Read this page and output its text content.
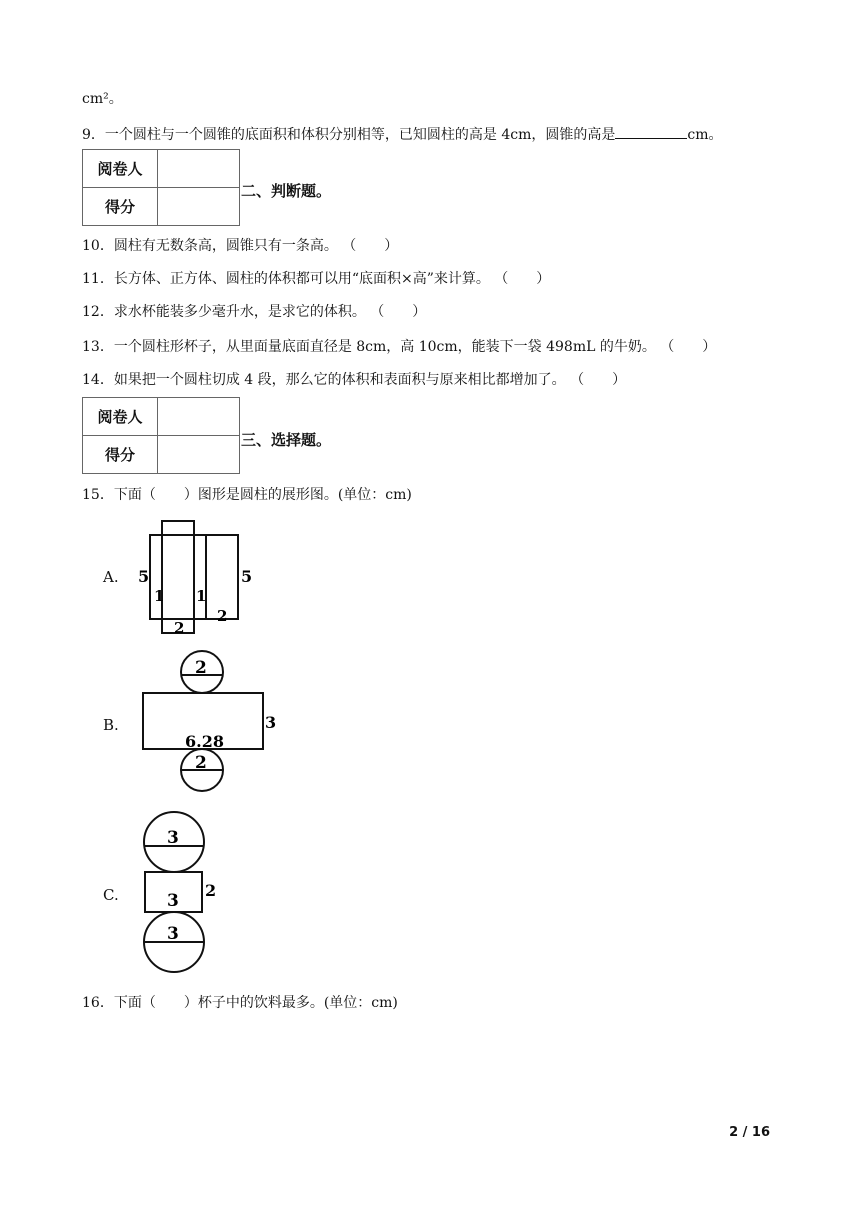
cm²。
9．一个圆柱与一个圆锥的底面积和体积分别相等，已知圆柱的高是 4cm，圆锥的高是	cm。
阅卷人	
得分	
二、判断题。
10．圆柱有无数条高，圆锥只有一条高。 （　　）
11．长方体、正方体、圆柱的体积都可以用“底面积×高”来计算。 （　　）
12．求水杯能装多少毫升水，是求它的体积。 （　　）
13．一个圆柱形杯子，从里面量底面直径是 8cm，高 10cm，能装下一袋 498mL 的牛奶。 （　　）
14．如果把一个圆柱切成 4 段，那么它的体积和表面积与原来相比都增加了。 （　　）
阅卷人	
得分	
三、选择题。
15．下面（　　）图形是圆柱的展形图。(单位：cm)
A. 5
1 1
5
2
2
B.
2
2
6.28
3
C.
3
3
3
2
16．下面（　　）杯子中的饮料最多。(单位：cm)
2 / 16
